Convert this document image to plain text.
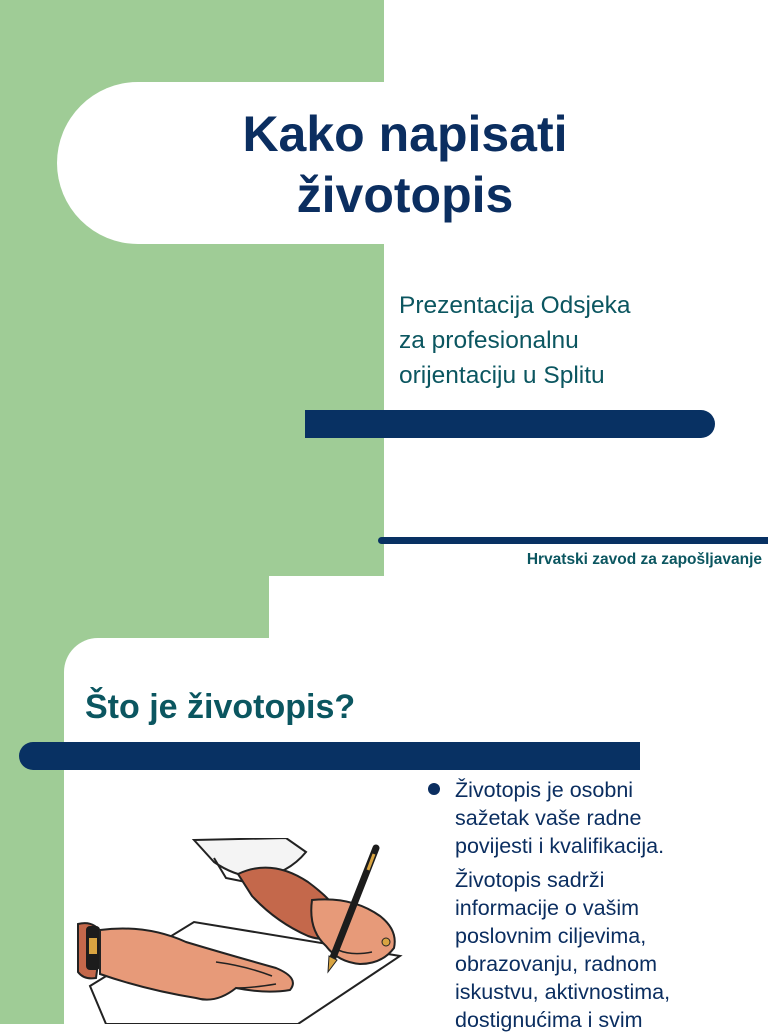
Kako napisati
životopis
Prezentacija Odsjeka
za profesionalnu
orijentaciju u Splitu
Hrvatski zavod za zapošljavanje
Što je životopis?
Životopis je osobni
sažetak vaše radne
povijesti i kvalifikacija.
Životopis sadrži
informacije o vašim
poslovnim ciljevima,
obrazovanju, radnom
iskustvu, aktivnostima,
dostignućima i svim
